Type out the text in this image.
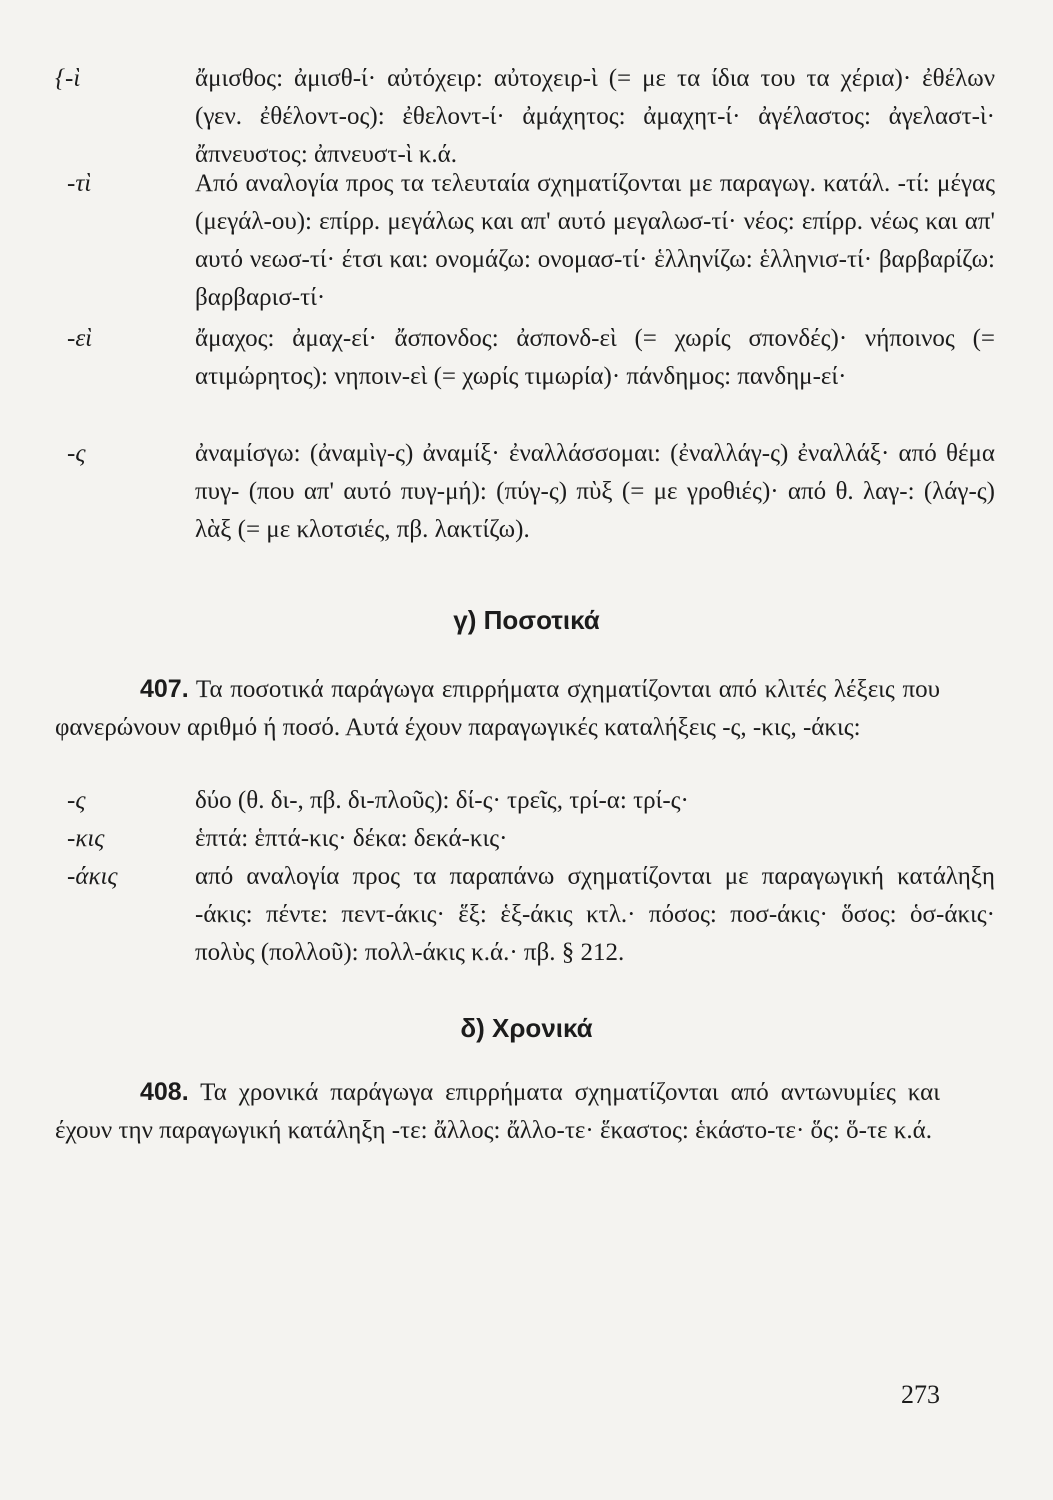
{-ὶ	ἄμισθος: ἀμισθ-ί· αὐτόχειρ: αὐτοχειρ-ὶ (= με τα ίδια του τα χέρια)· ἐθέλων (γεν. ἐθέλοντ-ος): ἐθελοντ-ί· ἀμάχητος: ἀμαχητ-ί· ἀγέλαστος: ἀγελαστ-ὶ· ἄπνευστος: ἀπνευστ-ὶ κ.ά.
-τὶ	Από αναλογία προς τα τελευταία σχηματίζονται με παραγωγ. κατάλ. -τί: μέγας (μεγάλ-ου): επίρρ. μεγάλως και απ' αυτό μεγαλωσ-τί· νέος: επίρρ. νέως και απ' αυτό νεωσ-τί· έτσι και: ονομάζω: ονομασ-τί· ἑλληνίζω: ἑλληνισ-τί· βαρβαρίζω: βαρβαρισ-τί·
-εὶ	ἄμαχος: ἀμαχ-εί· ἄσπονδος: ἀσπονδ-εὶ (= χωρίς σπονδές)· νήποινος (= ατιμώρητος): νηποιν-εὶ (= χωρίς τιμωρία)· πάνδημος: πανδημ-εί·
-ς	ἀναμίσγω: (ἀναμὶγ-ς) ἀναμίξ· ἐναλλάσσομαι: (ἐναλλάγ-ς) ἐναλλάξ· από θέμα πυγ- (που απ' αυτό πυγ-μή): (πύγ-ς) πὺξ (= με γροθιές)· από θ. λαγ-: (λάγ-ς) λὰξ (= με κλοτσιές, πβ. λακτίζω).
γ) Ποσοτικά
407. Τα ποσοτικά παράγωγα επιρρήματα σχηματίζονται από κλιτές λέξεις που φανερώνουν αριθμό ή ποσό. Αυτά έχουν παραγωγικές καταλήξεις -ς, -κις, -άκις:
-ς	δύο (θ. δι-, πβ. δι-πλοῦς): δί-ς· τρεῖς, τρί-α: τρί-ς·
-κις	ἑπτά: ἑπτά-κις· δέκα: δεκά-κις·
-άκις	από αναλογία προς τα παραπάνω σχηματίζονται με παραγωγική κατάληξη -άκις: πέντε: πεντ-άκις· ἕξ: ἑξ-άκις κτλ.· πόσος: ποσ-άκις· ὅσος: ὁσ-άκις· πολὺς (πολλοῦ): πολλ-άκις κ.ά.· πβ. § 212.
δ) Χρονικά
408. Τα χρονικά παράγωγα επιρρήματα σχηματίζονται από αντωνυμίες και έχουν την παραγωγική κατάληξη -τε: ἄλλος: ἄλλο-τε· ἕκαστος: ἑκάστο-τε· ὅς: ὅ-τε κ.ά.
273
